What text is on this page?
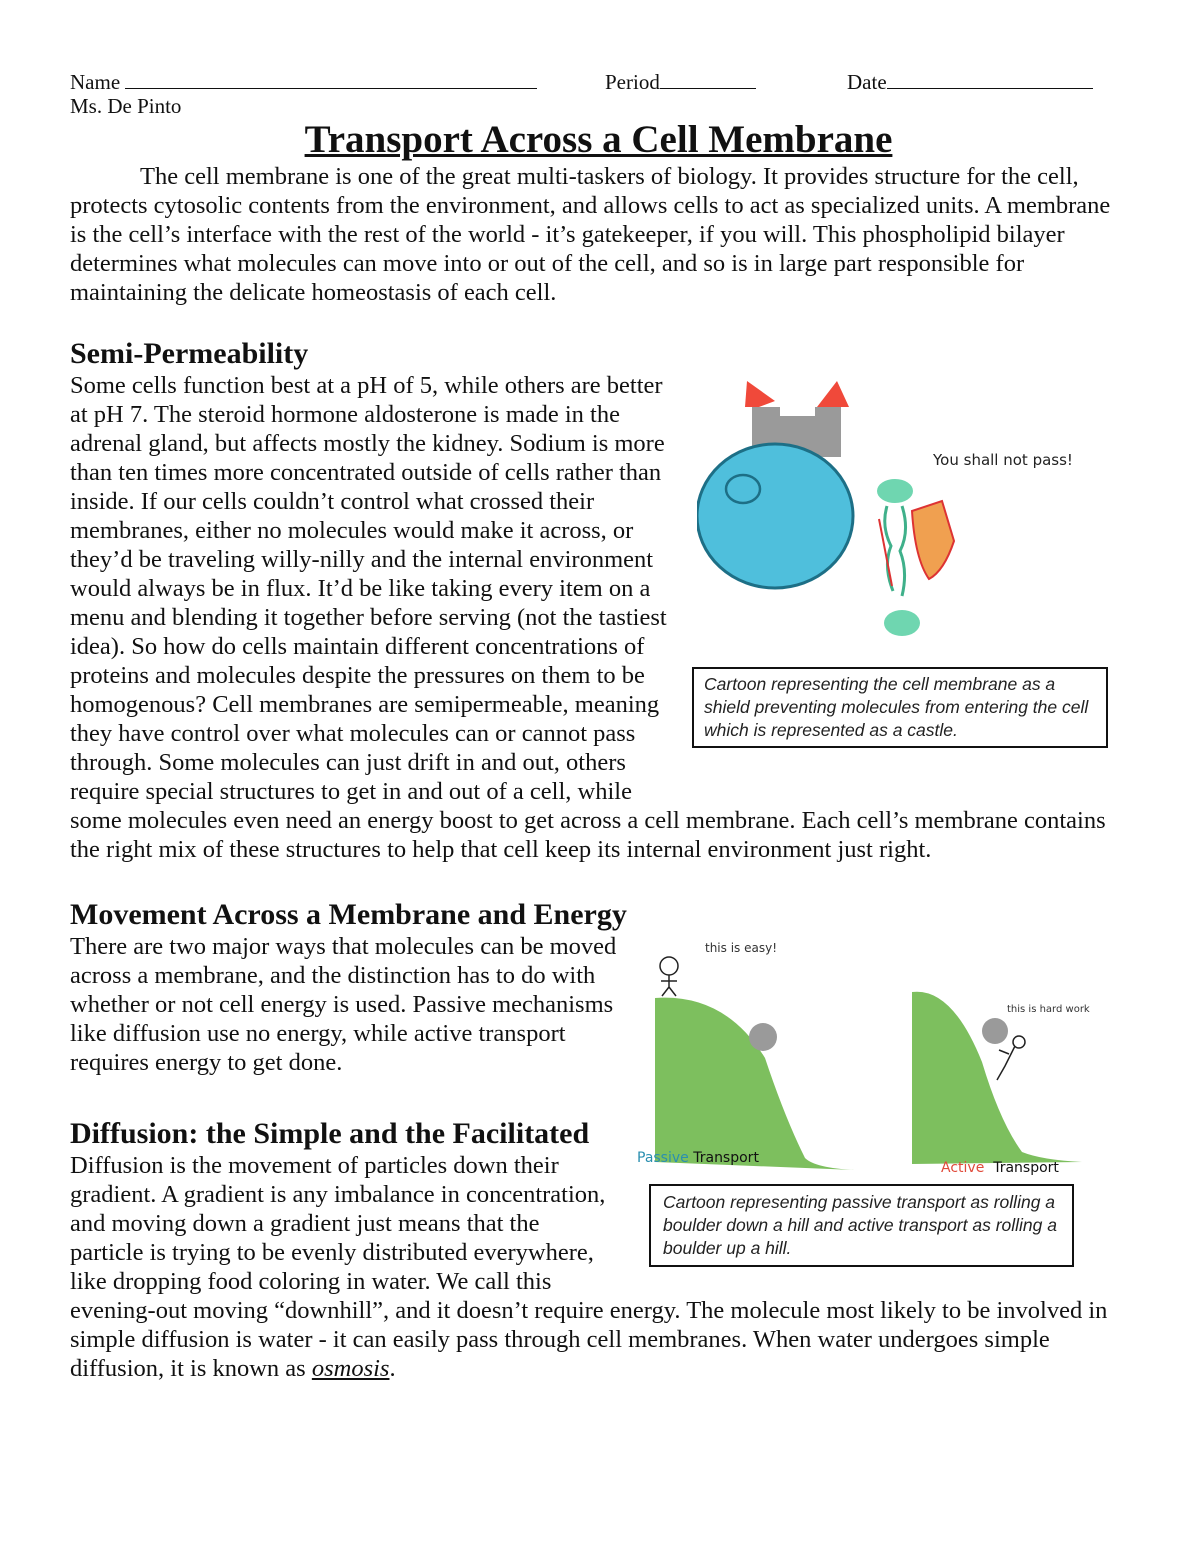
Name	Period	Date
Ms. De Pinto
Transport Across a Cell Membrane

The cell membrane is one of the great multi-taskers of biology. It provides structure for the cell, protects cytosolic contents from the environment, and allows cells to act as specialized units. A membrane is the cell’s interface with the rest of the world - it’s gatekeeper, if you will. This phospholipid bilayer determines what molecules can move into or out of the cell, and so is in large part responsible for maintaining the delicate homeostasis of each cell.

Semi-Permeability
You shall not pass!

Some cells function best at a pH of 5, while others are better at pH 7. The steroid hormone aldosterone is made in the adrenal gland, but affects mostly the kidney. Sodium is more than ten times more concentrated outside of cells rather than inside. If our cells couldn’t control what crossed their membranes, either no molecules would make it across, or they’d be traveling willy-nilly and the internal environment would always be in flux. It’d be like taking every item on a menu and blending it together before serving (not the tastiest idea). So how do cells maintain different concentrations of proteins and molecules despite the pressures on them to be homogenous? Cell membranes are semipermeable, meaning they have control over what molecules can or cannot pass through. Some molecules can just drift in and out, others require special structures to get in and out of a cell, while some molecules even need an energy boost to get across a cell membrane. Each cell’s membrane contains the right mix of these structures to help that cell keep its internal environment just right.

Movement Across a Membrane and Energy
this is easy!
this is hard work
Passive Transport
Active Transport
Cartoon representing passive transport as rolling a boulder down a hill and active transport as rolling a boulder up a hill.

There are two major ways that molecules can be moved across a membrane, and the distinction has to do with whether or not cell energy is used. Passive mechanisms like diffusion use no energy, while active transport requires energy to get done.

Diffusion: the Simple and the Facilitated

Diffusion is the movement of particles down their gradient. A gradient is any imbalance in concentration, and moving down a gradient just means that the particle is trying to be evenly distributed everywhere, like dropping food coloring in water. We call this evening-out moving “downhill”, and it doesn’t require energy. The molecule most likely to be involved in simple diffusion is water - it can easily pass through cell membranes. When water undergoes simple diffusion, it is known as osmosis.

Cartoon representing the cell membrane as a shield preventing molecules from entering the cell which is represented as a castle.
